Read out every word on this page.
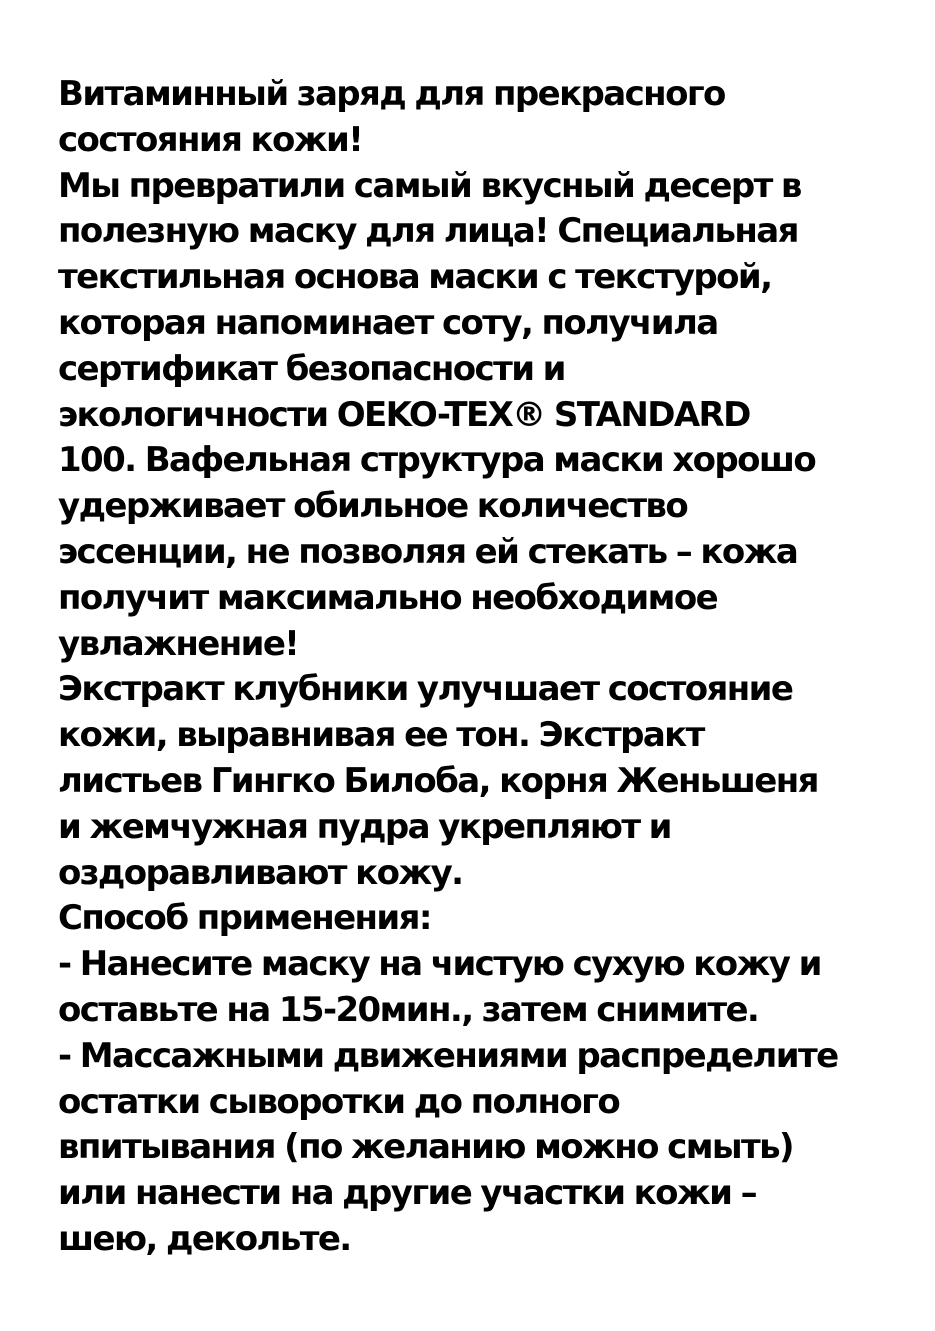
Витаминный заряд для прекрасного
состояния кожи!
Мы превратили самый вкусный десерт в
полезную маску для лица! Специальная
текстильная основа маски с текстурой,
которая напоминает соту, получила
сертификат безопасности и
экологичности OEKO-TEX® STANDARD
100. Вафельная структура маски хорошо
удерживает обильное количество
эссенции, не позволяя ей стекать – кожа
получит максимально необходимое
увлажнение!
Экстракт клубники улучшает состояние
кожи, выравнивая ее тон. Экстракт
листьев Гингко Билоба, корня Женьшеня
и жемчужная пудра укрепляют и
оздоравливают кожу.
Способ применения:
- Нанесите маску на чистую сухую кожу и
оставьте на 15-20мин., затем снимите.
- Массажными движениями распределите
остатки сыворотки до полного
впитывания (по желанию можно смыть)
или нанести на другие участки кожи –
шею, декольте.
